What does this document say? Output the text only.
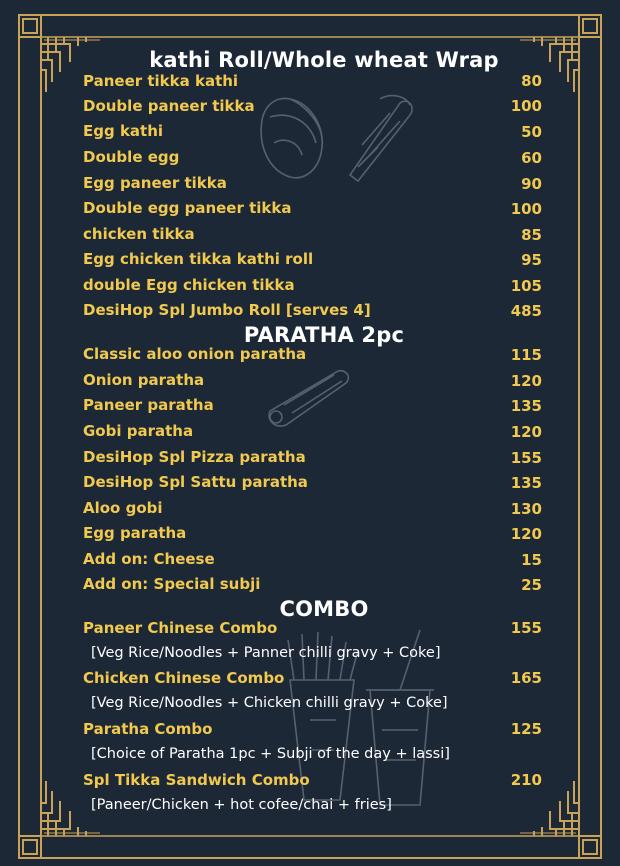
kathi Roll/Whole wheat Wrap
PARATHA 2pc
COMBO
Paneer tikka kathi	80
Double paneer tikka	100
Egg kathi	50
Double egg	60
Egg paneer tikka	90
Double egg paneer tikka	100
chicken tikka	85
Egg chicken tikka kathi roll	95
double Egg chicken tikka	105
DesiHop Spl Jumbo Roll [serves 4]	485
Classic aloo onion paratha	115
Onion paratha	120
Paneer paratha	135
Gobi paratha	120
DesiHop Spl Pizza paratha	155
DesiHop Spl Sattu paratha	135
Aloo gobi	130
Egg paratha	120
Add on: Cheese	15
Add on: Special subji	25
Paneer Chinese Combo	155
[Veg Rice/Noodles + Panner chilli gravy + Coke]
Chicken Chinese Combo	165
[Veg Rice/Noodles + Chicken chilli gravy + Coke]
Paratha Combo	125
[Choice of Paratha 1pc + Subji of the day + lassi]
Spl Tikka Sandwich Combo	210
[Paneer/Chicken + hot cofee/chai + fries]
